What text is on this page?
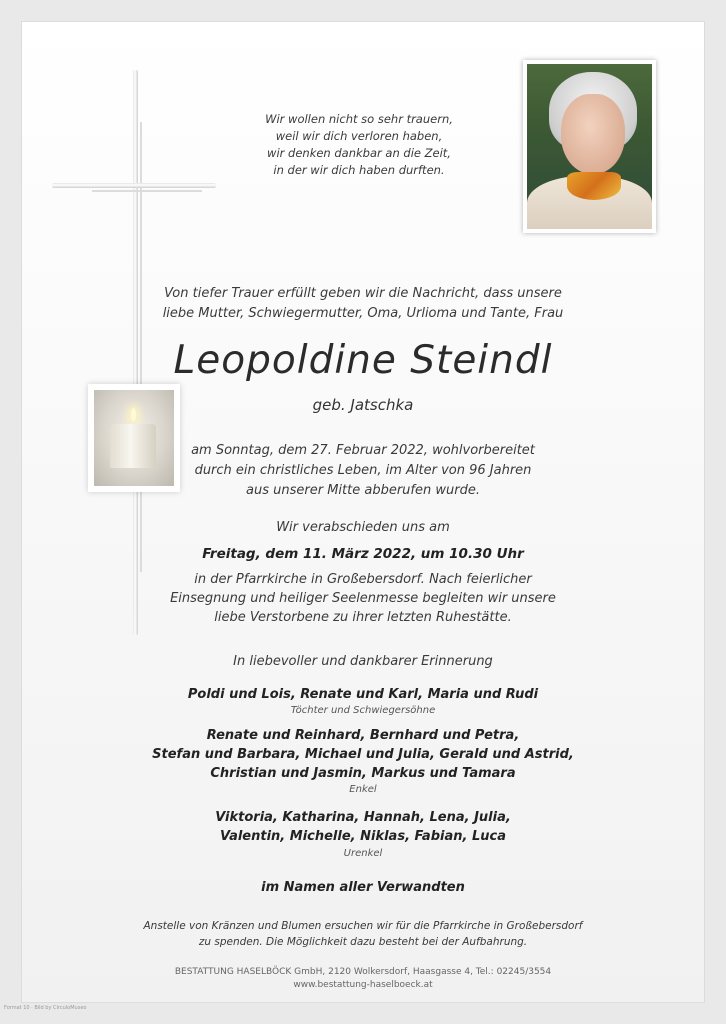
Wir wollen nicht so sehr trauern,
weil wir dich verloren haben,
wir denken dankbar an die Zeit,
in der wir dich haben durften.
Von tiefer Trauer erfüllt geben wir die Nachricht, dass unsere
liebe Mutter, Schwiegermutter, Oma, Urlioma und Tante, Frau
Leopoldine Steindl
geb. Jatschka
am Sonntag, dem 27. Februar 2022, wohlvorbereitet
durch ein christliches Leben, im Alter von 96 Jahren
aus unserer Mitte abberufen wurde.
Wir verabschieden uns am
Freitag, dem 11. März 2022, um 10.30 Uhr
in der Pfarrkirche in Großebersdorf. Nach feierlicher
Einsegnung und heiliger Seelenmesse begleiten wir unsere
liebe Verstorbene zu ihrer letzten Ruhestätte.
In liebevoller und dankbarer Erinnerung
Poldi und Lois, Renate und Karl, Maria und Rudi
Töchter und Schwiegersöhne
Renate und Reinhard, Bernhard und Petra,
Stefan und Barbara, Michael und Julia, Gerald und Astrid,
Christian und Jasmin, Markus und Tamara
Enkel
Viktoria, Katharina, Hannah, Lena, Julia,
Valentin, Michelle, Niklas, Fabian, Luca
Urenkel
im Namen aller Verwandten
Anstelle von Kränzen und Blumen ersuchen wir für die Pfarrkirche in Großebersdorf
zu spenden. Die Möglichkeit dazu besteht bei der Aufbahrung.
BESTATTUNG HASELBÖCK GmbH, 2120 Wolkersdorf, Haasgasse 4, Tel.: 02245/3554
www.bestattung-haselboeck.at
Format 10 · Bild by CirculoMuseo
